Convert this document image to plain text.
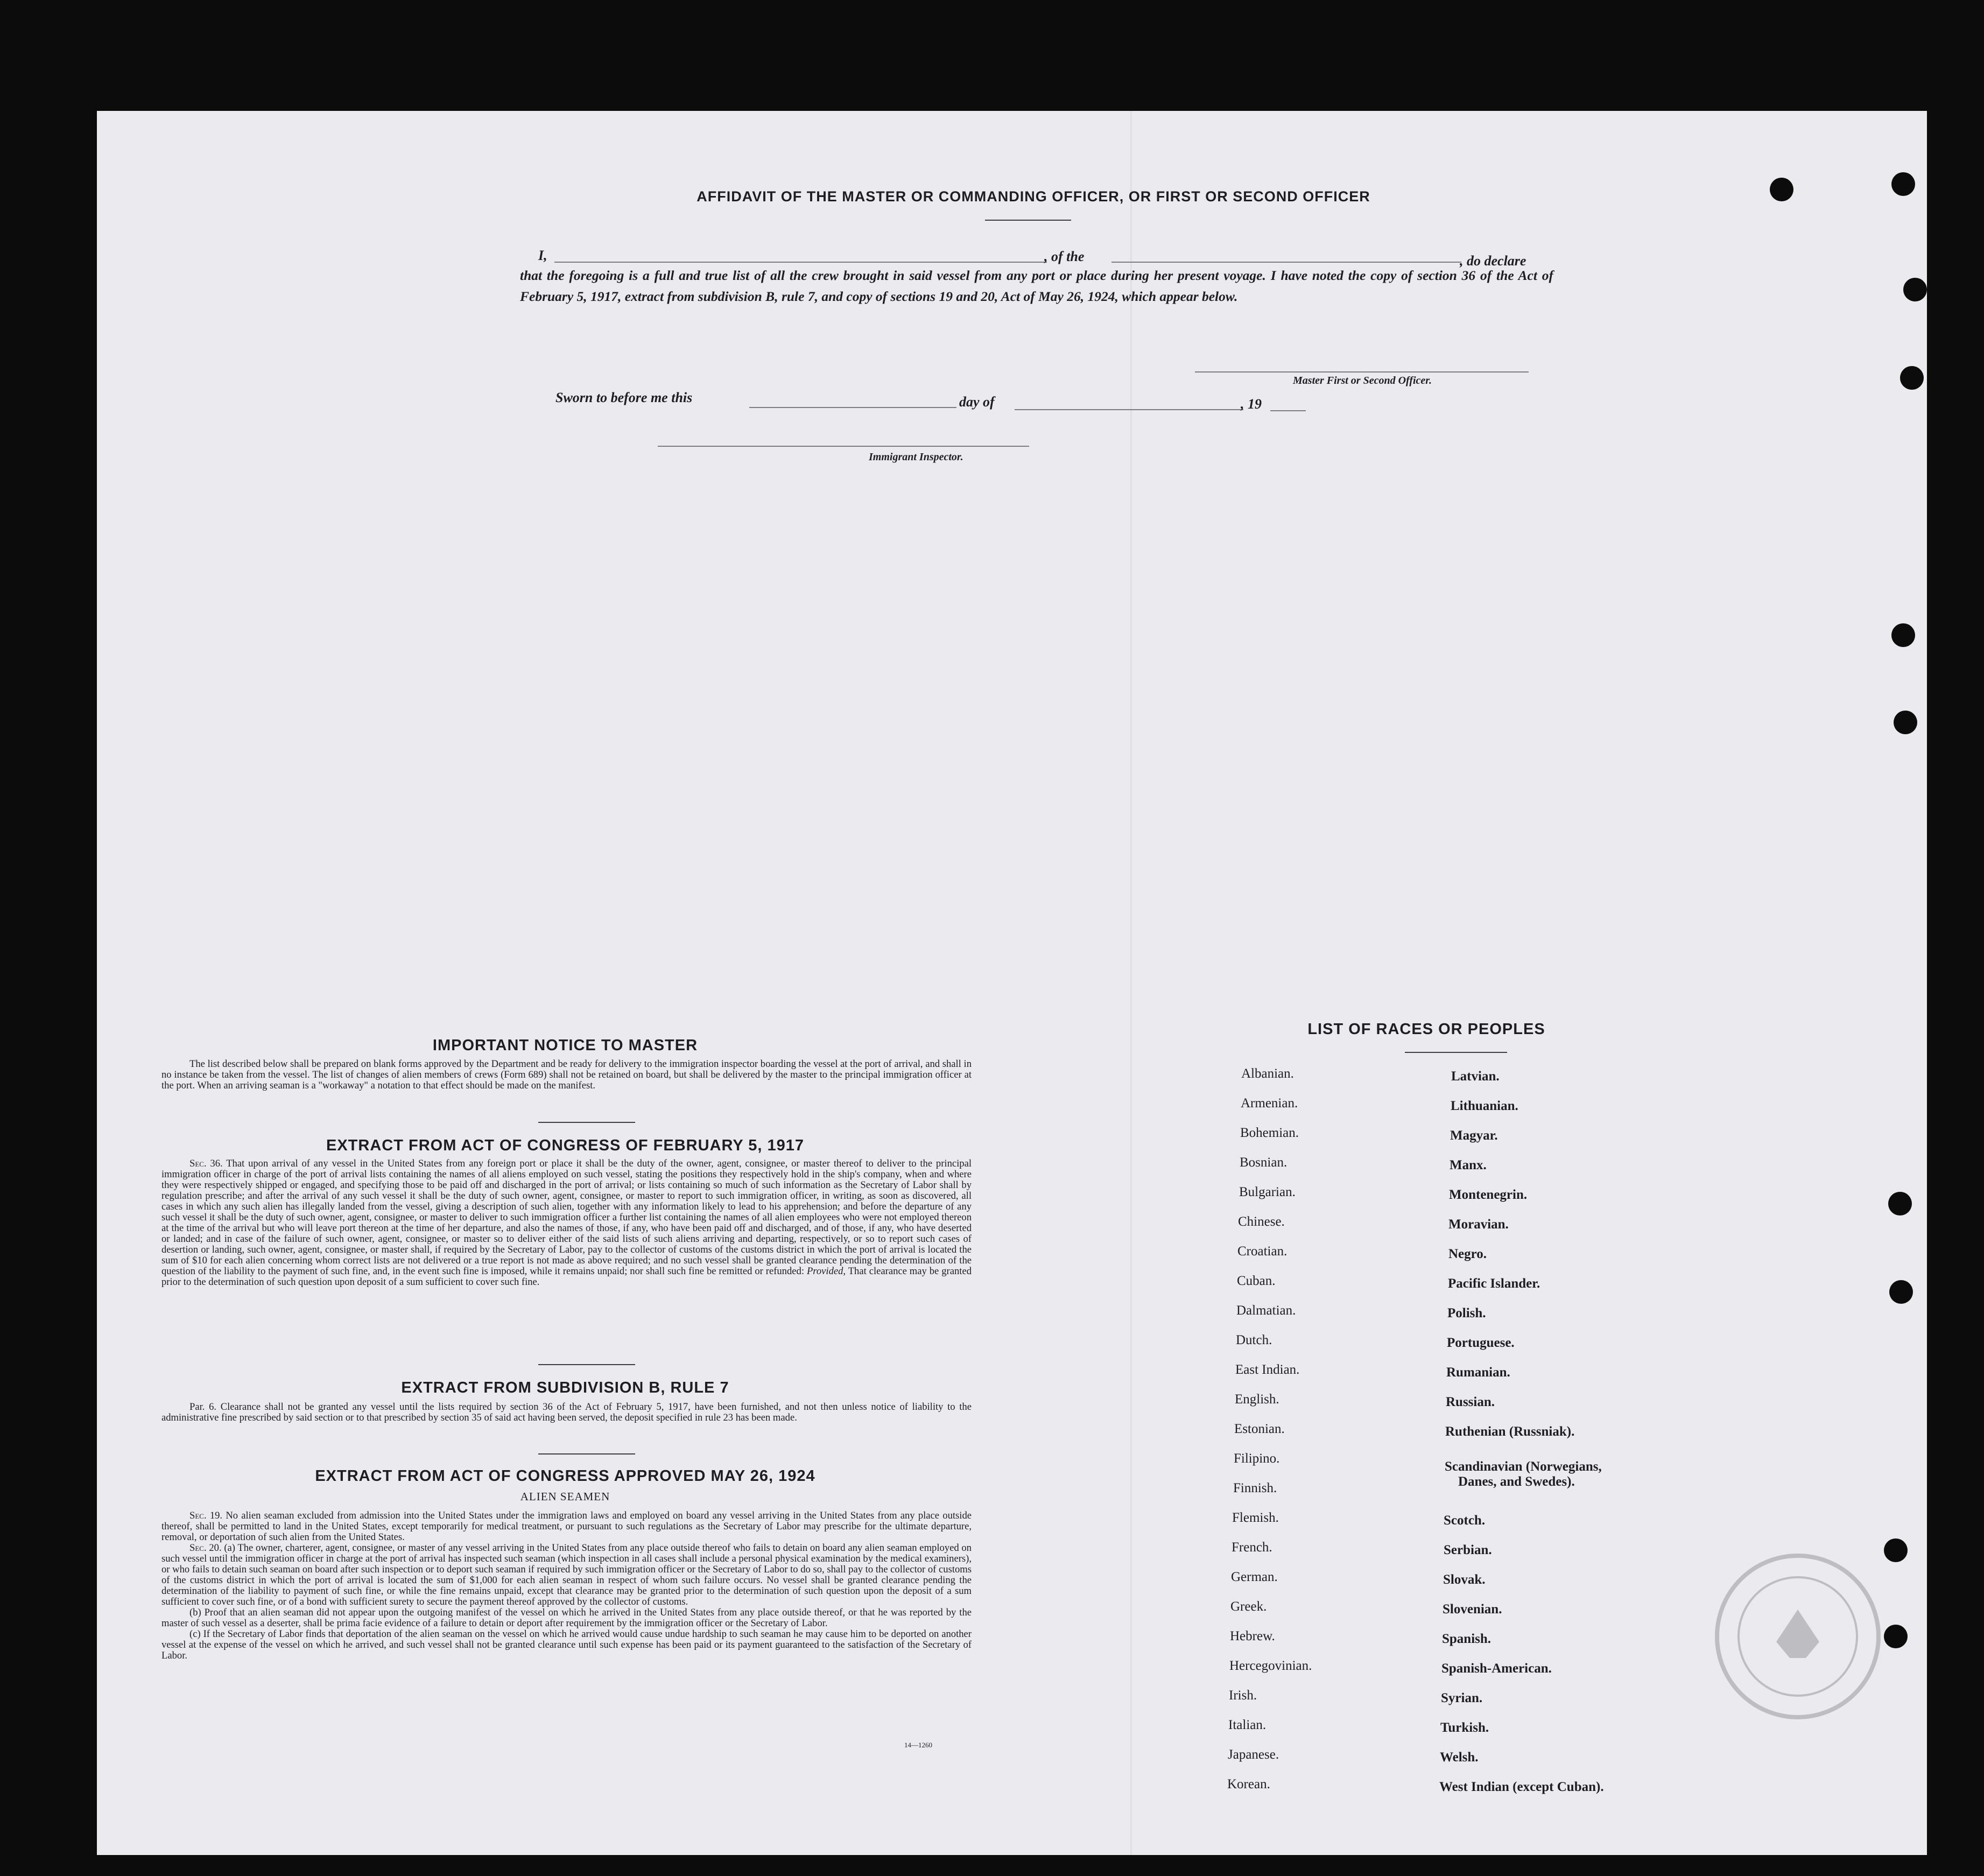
AFFIDAVIT OF THE MASTER OR COMMANDING OFFICER, OR FIRST OR SECOND OFFICER
I,	, of the	, do declare
that the foregoing is a full and true list of all the crew brought in said vessel from any port or place during her present voyage. I have noted the copy of section 36 of the Act of February 5, 1917, extract from subdivision B, rule 7, and copy of sections 19 and 20, Act of May 26, 1924, which appear below.
Master First or Second Officer.
Sworn to before me this	day of	, 19
Immigrant Inspector.
IMPORTANT NOTICE TO MASTER

The list described below shall be prepared on blank forms approved by the Department and be ready for delivery to the immigration inspector boarding the vessel at the port of arrival, and shall in no instance be taken from the vessel. The list of changes of alien members of crews (Form 689) shall not be retained on board, but shall be delivered by the master to the principal immigration officer at the port. When an arriving seaman is a "workaway" a notation to that effect should be made on the manifest.

EXTRACT FROM ACT OF CONGRESS OF FEBRUARY 5, 1917

Sec. 36. That upon arrival of any vessel in the United States from any foreign port or place it shall be the duty of the owner, agent, consignee, or master thereof to deliver to the principal immigration officer in charge of the port of arrival lists containing the names of all aliens employed on such vessel, stating the positions they respectively hold in the ship's company, when and where they were respectively shipped or engaged, and specifying those to be paid off and discharged in the port of arrival; or lists containing so much of such information as the Secretary of Labor shall by regulation prescribe; and after the arrival of any such vessel it shall be the duty of such owner, agent, consignee, or master to report to such immigration officer, in writing, as soon as discovered, all cases in which any such alien has illegally landed from the vessel, giving a description of such alien, together with any information likely to lead to his apprehension; and before the departure of any such vessel it shall be the duty of such owner, agent, consignee, or master to deliver to such immigration officer a further list containing the names of all alien employees who were not employed thereon at the time of the arrival but who will leave port thereon at the time of her departure, and also the names of those, if any, who have been paid off and discharged, and of those, if any, who have deserted or landed; and in case of the failure of such owner, agent, consignee, or master so to deliver either of the said lists of such aliens arriving and departing, respectively, or so to report such cases of desertion or landing, such owner, agent, consignee, or master shall, if required by the Secretary of Labor, pay to the collector of customs of the customs district in which the port of arrival is located the sum of $10 for each alien concerning whom correct lists are not delivered or a true report is not made as above required; and no such vessel shall be granted clearance pending the determination of the question of the liability to the payment of such fine, and, in the event such fine is imposed, while it remains unpaid; nor shall such fine be remitted or refunded: Provided, That clearance may be granted prior to the determination of such question upon deposit of a sum sufficient to cover such fine.

EXTRACT FROM SUBDIVISION B, RULE 7

Par. 6. Clearance shall not be granted any vessel until the lists required by section 36 of the Act of February 5, 1917, have been furnished, and not then unless notice of liability to the administrative fine prescribed by said section or to that prescribed by section 35 of said act having been served, the deposit specified in rule 23 has been made.

EXTRACT FROM ACT OF CONGRESS APPROVED MAY 26, 1924
ALIEN SEAMEN

Sec. 19. No alien seaman excluded from admission into the United States under the immigration laws and employed on board any vessel arriving in the United States from any place outside thereof, shall be permitted to land in the United States, except temporarily for medical treatment, or pursuant to such regulations as the Secretary of Labor may prescribe for the ultimate departure, removal, or deportation of such alien from the United States.

Sec. 20. (a) The owner, charterer, agent, consignee, or master of any vessel arriving in the United States from any place outside thereof who fails to detain on board any alien seaman employed on such vessel until the immigration officer in charge at the port of arrival has inspected such seaman (which inspection in all cases shall include a personal physical examination by the medical examiners), or who fails to detain such seaman on board after such inspection or to deport such seaman if required by such immigration officer or the Secretary of Labor to do so, shall pay to the collector of customs of the customs district in which the port of arrival is located the sum of $1,000 for each alien seaman in respect of whom such failure occurs. No vessel shall be granted clearance pending the determination of the liability to payment of such fine, or while the fine remains unpaid, except that clearance may be granted prior to the determination of such question upon the deposit of a sum sufficient to cover such fine, or of a bond with sufficient surety to secure the payment thereof approved by the collector of customs.

(b) Proof that an alien seaman did not appear upon the outgoing manifest of the vessel on which he arrived in the United States from any place outside thereof, or that he was reported by the master of such vessel as a deserter, shall be prima facie evidence of a failure to detain or deport after requirement by the immigration officer or the Secretary of Labor.

(c) If the Secretary of Labor finds that deportation of the alien seaman on the vessel on which he arrived would cause undue hardship to such seaman he may cause him to be deported on another vessel at the expense of the vessel on which he arrived, and such vessel shall not be granted clearance until such expense has been paid or its payment guaranteed to the satisfaction of the Secretary of Labor.

14—1260
LIST OF RACES OR PEOPLES
Albanian.
Armenian.
Bohemian.
Bosnian.
Bulgarian.
Chinese.
Croatian.
Cuban.
Dalmatian.
Dutch.
East Indian.
English.
Estonian.
Filipino.
Finnish.
Flemish.
French.
German.
Greek.
Hebrew.
Hercegovinian.
Irish.
Italian.
Japanese.
Korean.
Latvian.
Lithuanian.
Magyar.
Manx.
Montenegrin.
Moravian.
Negro.
Pacific Islander.
Polish.
Portuguese.
Rumanian.
Russian.
Ruthenian (Russniak).
Scandinavian (Norwegians,
Danes, and Swedes).
Scotch.
Serbian.
Slovak.
Slovenian.
Spanish.
Spanish-American.
Syrian.
Turkish.
Welsh.
West Indian (except Cuban).
